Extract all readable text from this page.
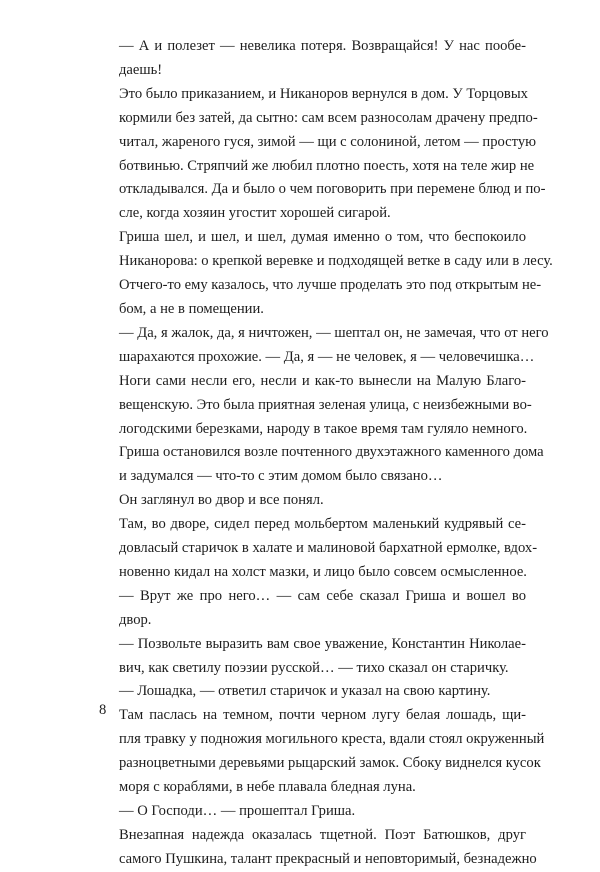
— А и полезет — невелика потеря. Возвращайся! У нас пообе-
даешь!

Это было приказанием, и Никаноров вернулся в дом. У Торцовых
кормили без затей, да сытно: сам всем разносолам драчену предпо-
читал, жареного гуся, зимой — щи с солониной, летом — простую
ботвинью. Стряпчий же любил плотно поесть, хотя на теле жир не
откладывался. Да и было о чем поговорить при перемене блюд и по-
сле, когда хозяин угостит хорошей сигарой.

Гриша шел, и шел, и шел, думая именно о том, что беспокоило
Никанорова: о крепкой веревке и подходящей ветке в саду или в лесу.
Отчего-то ему казалось, что лучше проделать это под открытым не-
бом, а не в помещении.

— Да, я жалок, да, я ничтожен, — шептал он, не замечая, что от него
шарахаются прохожие. — Да, я — не человек, я — человечишка…

Ноги сами несли его, несли и как-то вынесли на Малую Благо-
вещенскую. Это была приятная зеленая улица, с неизбежными во-
логодскими березками, народу в такое время там гуляло немного.
Гриша остановился возле почтенного двухэтажного каменного дома
и задумался — что-то с этим домом было связано…

Он заглянул во двор и все понял.

Там, во дворе, сидел перед мольбертом маленький кудрявый се-
довласый старичок в халате и малиновой бархатной ермолке, вдох-
новенно кидал на холст мазки, и лицо было совсем осмысленное.

— Врут же про него… — сам себе сказал Гриша и вошел во
двор.

— Позвольте выразить вам свое уважение, Константин Николае-
вич, как светилу поэзии русской… — тихо сказал он старичку.

— Лошадка, — ответил старичок и указал на свою картину.

Там паслась на темном, почти черном лугу белая лошадь, щи-
пля травку у подножия могильного креста, вдали стоял окруженный
разноцветными деревьями рыцарский замок. Сбоку виднелся кусок
моря с кораблями, в небе плавала бледная луна.

— О Господи… — прошептал Гриша.

Внезапная надежда оказалась тщетной. Поэт Батюшков, друг
самого Пушкина, талант прекрасный и неповторимый, безнадежно

8
